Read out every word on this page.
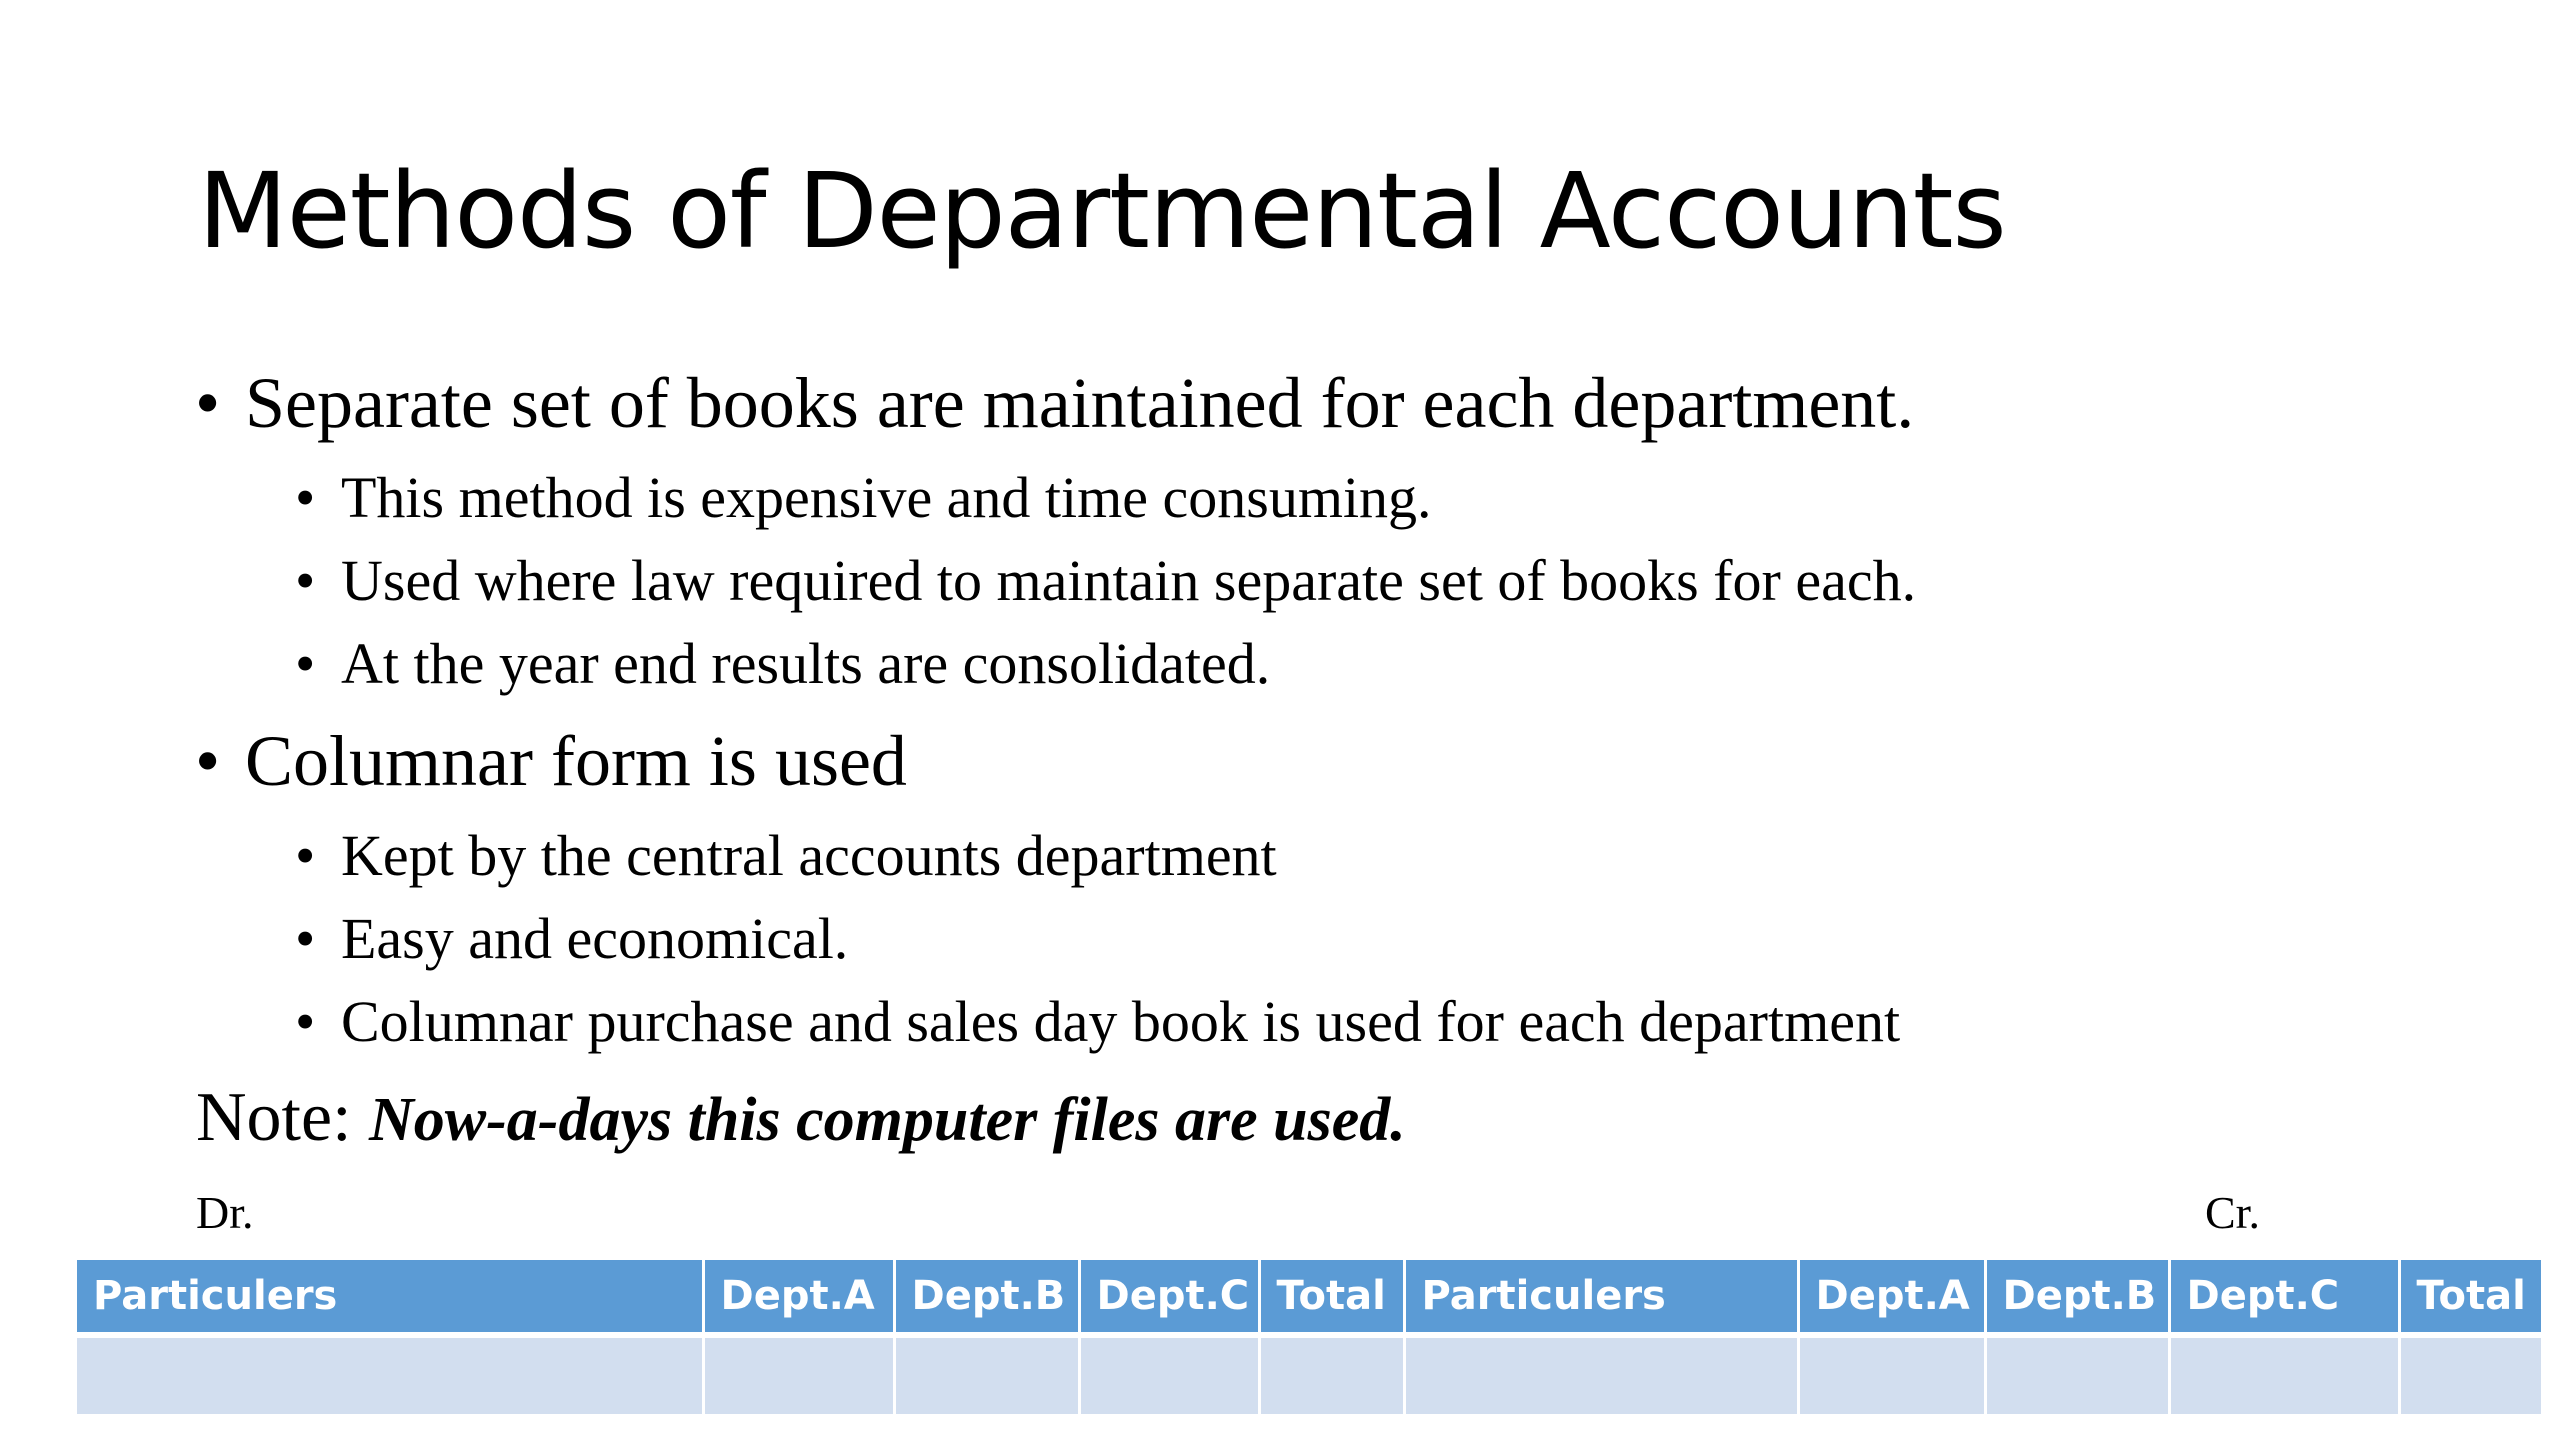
Methods of Departmental Accounts
• Separate set of books are maintained for each department.
• This method is expensive and time consuming.
• Used where law required to maintain separate set of books for each.
• At the year end results are consolidated.
• Columnar form is used
• Kept by the central accounts department
• Easy and economical.
• Columnar purchase and sales day book is used for each department
Note: Now-a-days this computer files are used.
Dr.	Cr.
Particulers	Dept.A	Dept.B	Dept.C	Total	Particulers	Dept.A	Dept.B	Dept.C	Total
